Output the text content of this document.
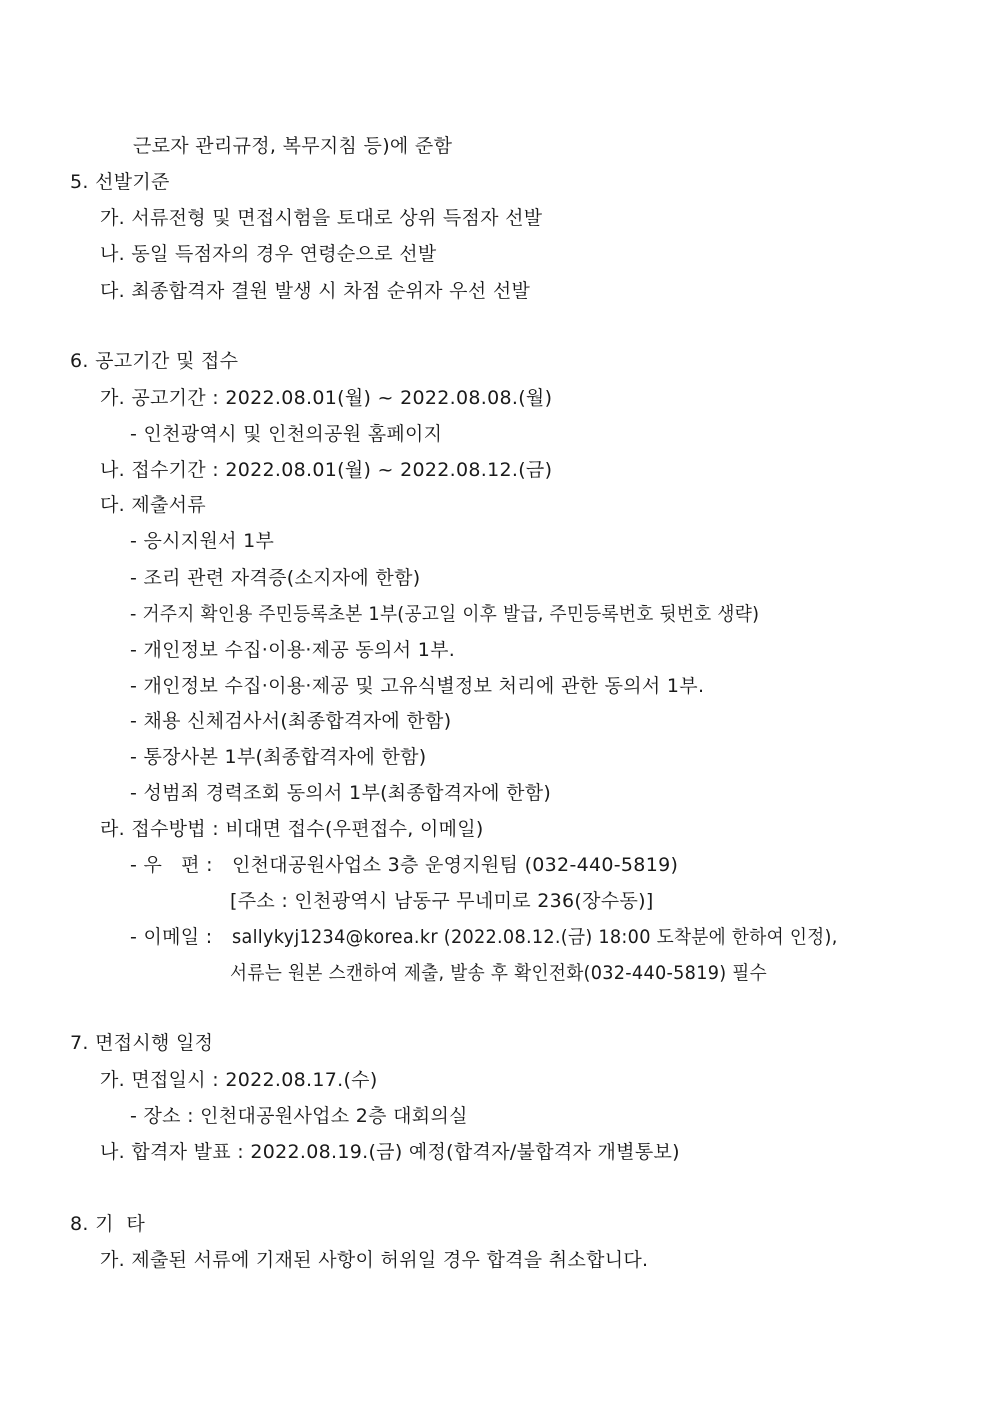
근로자 관리규정, 복무지침 등)에 준함
5. 선발기준
가. 서류전형 및 면접시험을 토대로 상위 득점자 선발
나. 동일 득점자의 경우 연령순으로 선발
다. 최종합격자 결원 발생 시 차점 순위자 우선 선발
6. 공고기간 및 접수
가. 공고기간 : 2022.08.01(월) ~ 2022.08.08.(월)
- 인천광역시 및 인천의공원 홈페이지
나. 접수기간 : 2022.08.01(월) ~ 2022.08.12.(금)
다. 제출서류
- 응시지원서 1부
- 조리 관련 자격증(소지자에 한함)
- 거주지 확인용 주민등록초본 1부(공고일 이후 발급, 주민등록번호 뒷번호 생략)
- 개인정보 수집·이용·제공 동의서 1부.
- 개인정보 수집·이용·제공 및 고유식별정보 처리에 관한 동의서 1부.
- 채용 신체검사서(최종합격자에 한함)
- 통장사본 1부(최종합격자에 한함)
- 성범죄 경력조회 동의서 1부(최종합격자에 한함)
라. 접수방법 : 비대면 접수(우편접수, 이메일)
- 우   편 : 인천대공원사업소 3층 운영지원팀 (032-440-5819)
[주소 : 인천광역시 남동구 무네미로 236(장수동)]
- 이메일 : sallykyj1234@korea.kr (2022.08.12.(금) 18:00 도착분에 한하여 인정),
서류는 원본 스캔하여 제출, 발송 후 확인전화(032-440-5819) 필수
7. 면접시행 일정
가. 면접일시 : 2022.08.17.(수)
- 장소 : 인천대공원사업소 2층 대회의실
나. 합격자 발표 : 2022.08.19.(금) 예정(합격자/불합격자 개별통보)
8. 기  타
가. 제출된 서류에 기재된 사항이 허위일 경우 합격을 취소합니다.
